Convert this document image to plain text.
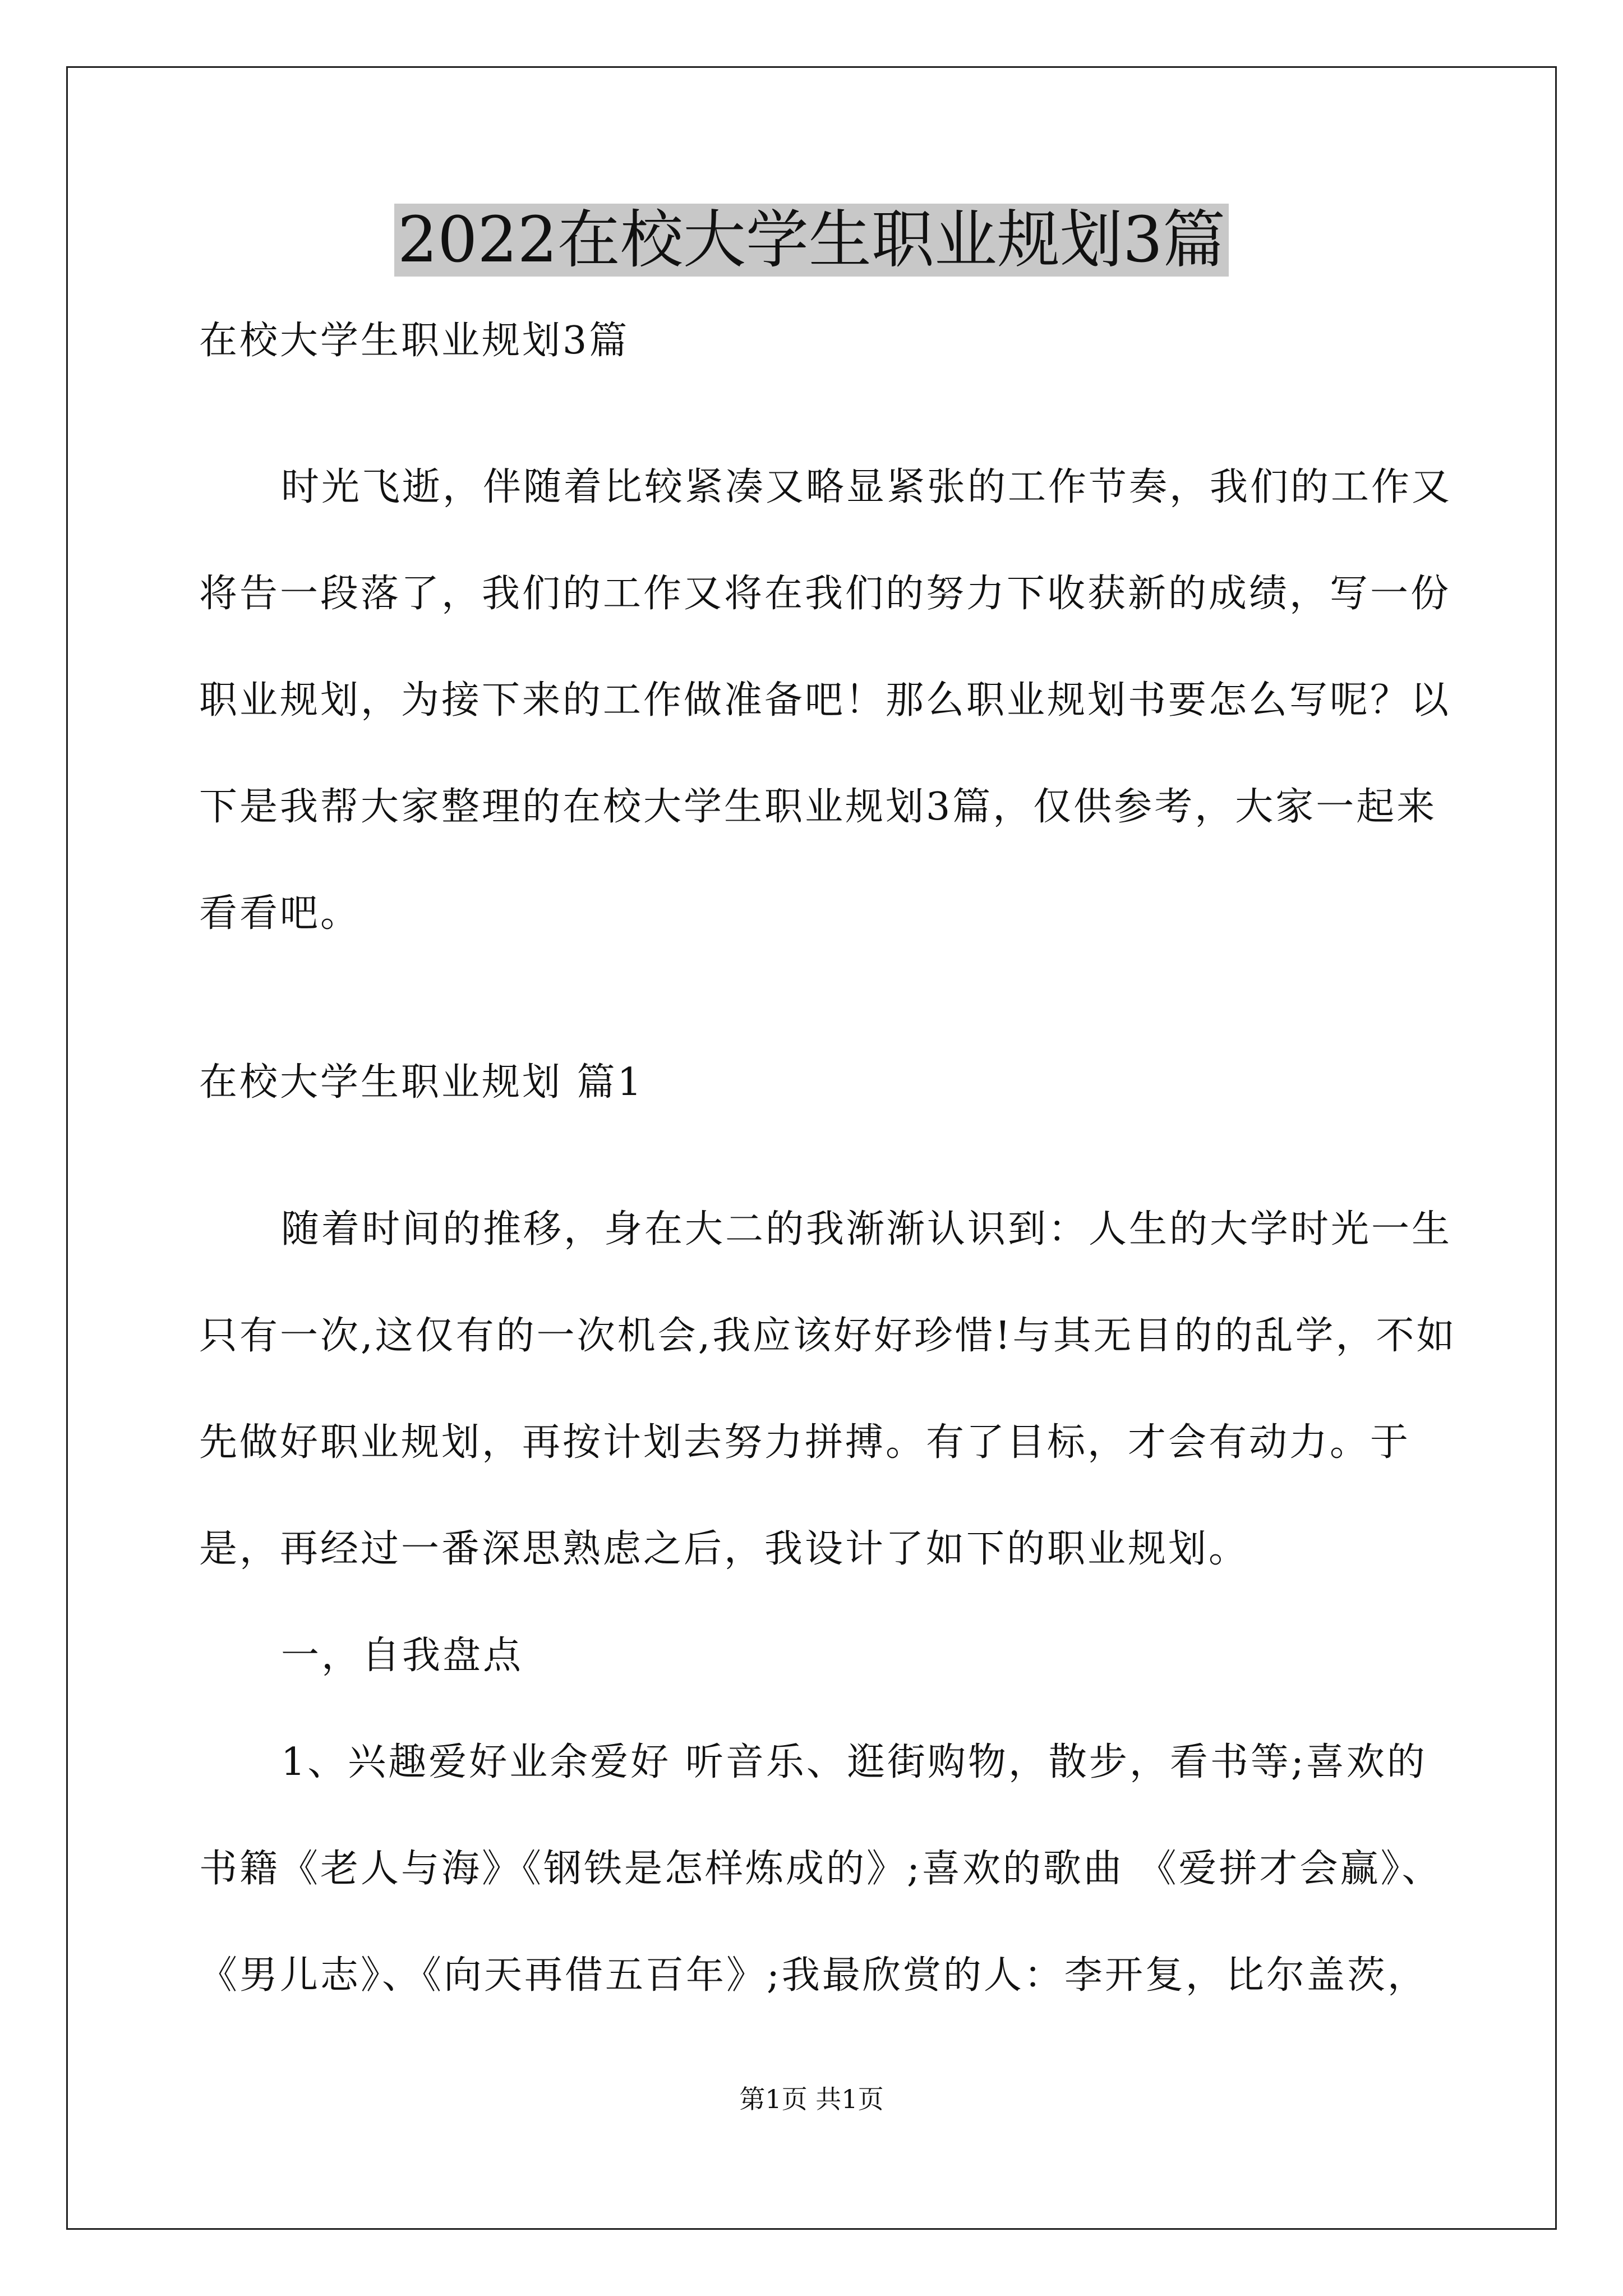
2022在校大学生职业规划3篇

在校大学生职业规划3篇

时光飞逝，伴随着比较紧凑又略显紧张的工作节奏，我们的工作又将告一段落了，我们的工作又将在我们的努力下收获新的成绩，写一份职业规划，为接下来的工作做准备吧！那么职业规划书要怎么写呢？以下是我帮大家整理的在校大学生职业规划3篇，仅供参考，大家一起来看看吧。

在校大学生职业规划 篇1

随着时间的推移，身在大二的我渐渐认识到：人生的大学时光一生只有一次,这仅有的一次机会,我应该好好珍惜!与其无目的的乱学，不如先做好职业规划，再按计划去努力拼搏。有了目标，才会有动力。于是，再经过一番深思熟虑之后，我设计了如下的职业规划。

一，自我盘点

1、兴趣爱好业余爱好 听音乐、逛街购物，散步，看书等;喜欢的书籍《老人与海》《钢铁是怎样炼成的》;喜欢的歌曲 《爱拼才会赢》、《男儿志》、《向天再借五百年》;我最欣赏的人：李开复，比尔盖茨，

第1页 共1页
